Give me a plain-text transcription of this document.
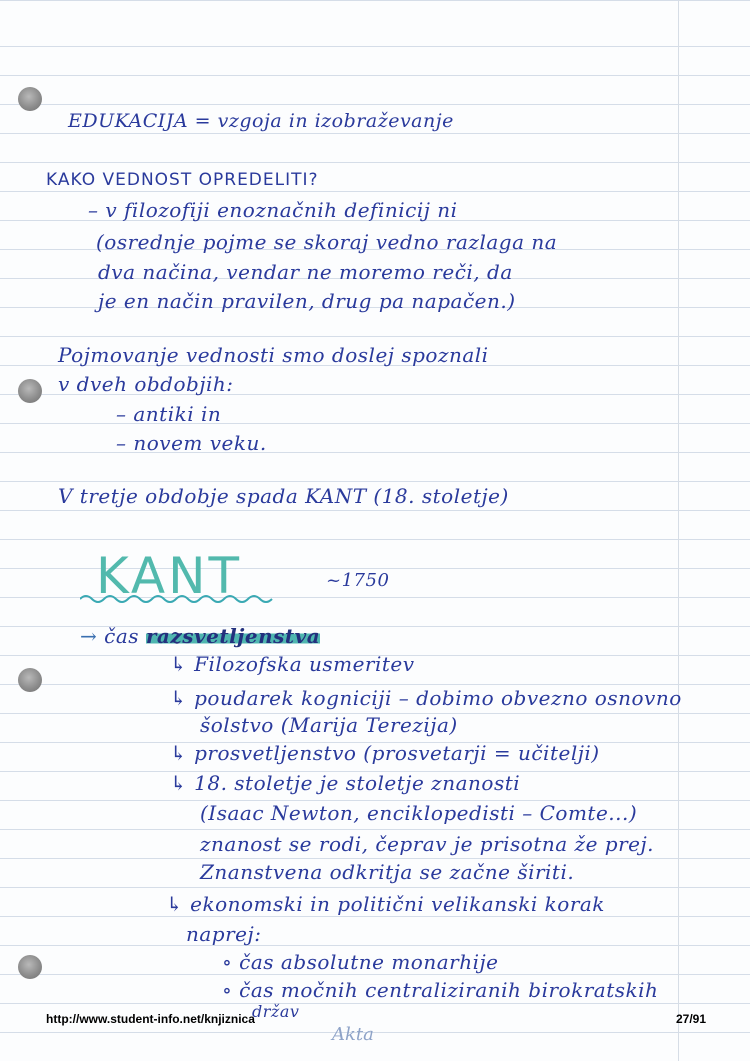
EDUKACIJA = vzgoja in izobraževanje
KAKO VEDNOST OPREDELITI?
– v filozofiji enoznačnih definicij ni
(osrednje pojme se skoraj vedno razlaga na
dva načina, vendar ne moremo reči, da
je en način pravilen, drug pa napačen.)
Pojmovanje vednosti smo doslej spoznali
v dveh obdobjih:
– antiki in
– novem veku.
V tretje obdobje spada KANT (18. stoletje)
KANT	~1750
→ čas razsvetljenstva
↳ Filozofska usmeritev
↳ poudarek kogniciji – dobimo obvezno osnovno
šolstvo (Marija Terezija)
↳ prosvetljenstvo (prosvetarji = učitelji)
↳ 18. stoletje je stoletje znanosti
(Isaac Newton, enciklopedisti – Comte...)
znanost se rodi, čeprav je prisotna že prej.
Znanstvena odkritja se začne širiti.
↳ ekonomski in politični velikanski korak
naprej:
∘ čas absolutne monarhije
∘ čas močnih centraliziranih birokratskih
držav
http://www.student-info.net/knjiznica
Akta
27/91
